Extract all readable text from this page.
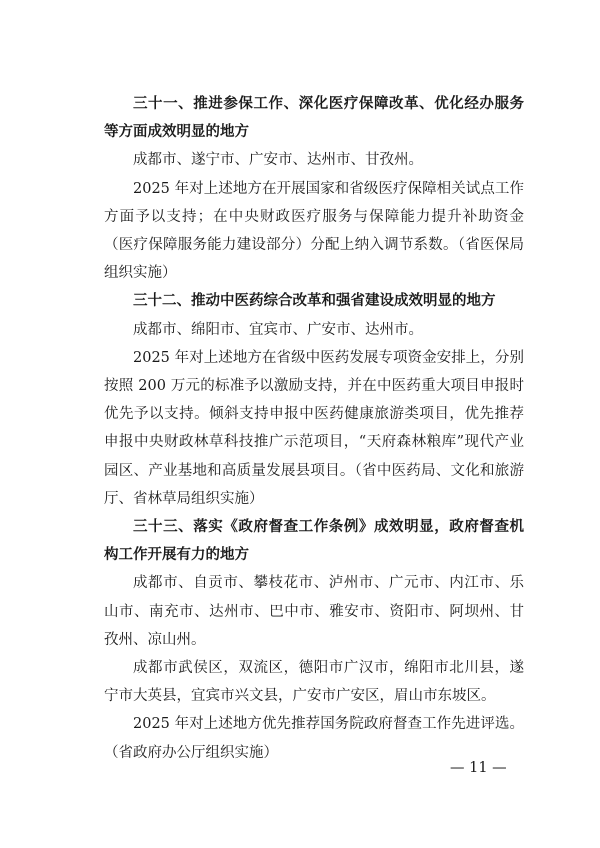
三十一、推进参保工作、深化医疗保障改革、优化经办服务等方面成效明显的地方

成都市、遂宁市、广安市、达州市、甘孜州。

2025 年对上述地方在开展国家和省级医疗保障相关试点工作方面予以支持；在中央财政医疗服务与保障能力提升补助资金（医疗保障服务能力建设部分）分配上纳入调节系数。（省医保局组织实施）

三十二、推动中医药综合改革和强省建设成效明显的地方

成都市、绵阳市、宜宾市、广安市、达州市。

2025 年对上述地方在省级中医药发展专项资金安排上，分别按照 200 万元的标准予以激励支持，并在中医药重大项目申报时优先予以支持。倾斜支持申报中医药健康旅游类项目，优先推荐申报中央财政林草科技推广示范项目，“天府森林粮库”现代产业园区、产业基地和高质量发展县项目。（省中医药局、文化和旅游厅、省林草局组织实施）

三十三、落实《政府督查工作条例》成效明显，政府督查机构工作开展有力的地方

成都市、自贡市、攀枝花市、泸州市、广元市、内江市、乐山市、南充市、达州市、巴中市、雅安市、资阳市、阿坝州、甘孜州、凉山州。

成都市武侯区，双流区，德阳市广汉市，绵阳市北川县，遂宁市大英县，宜宾市兴文县，广安市广安区，眉山市东坡区。

2025 年对上述地方优先推荐国务院政府督查工作先进评选。（省政府办公厅组织实施）

— 11 —
